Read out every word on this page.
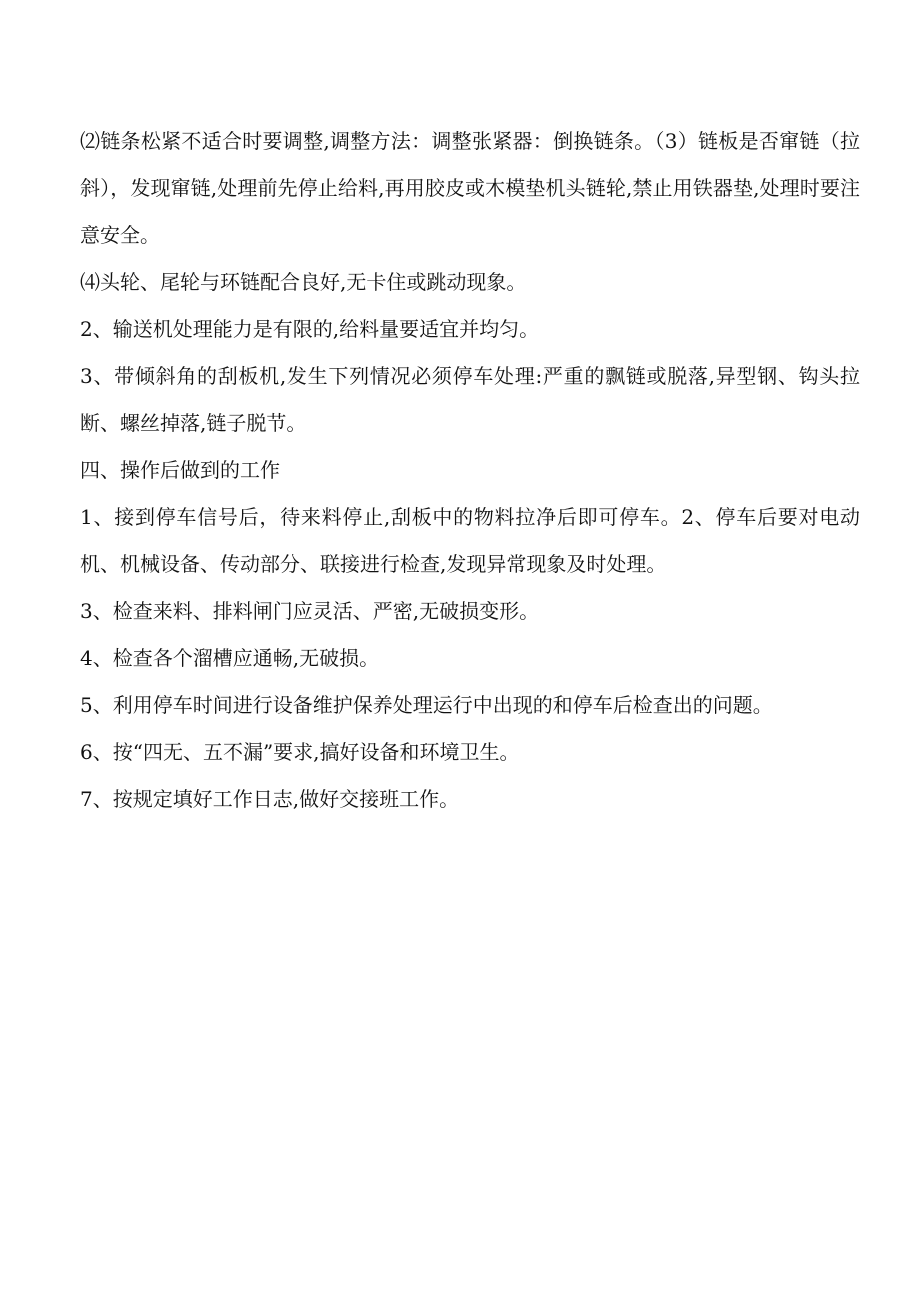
⑵链条松紧不适合时要调整,调整方法：调整张紧器：倒换链条。（3）链板是否窜链（拉斜），发现窜链,处理前先停止给料,再用胶皮或木模垫机头链轮,禁止用铁器垫,处理时要注意安全。

⑷头轮、尾轮与环链配合良好,无卡住或跳动现象。

2、输送机处理能力是有限的,给料量要适宜并均匀。

3、带倾斜角的刮板机,发生下列情况必须停车处理:严重的飘链或脱落,异型钢、钩头拉断、螺丝掉落,链子脱节。

四、操作后做到的工作

1、接到停车信号后，待来料停止,刮板中的物料拉净后即可停车。2、停车后要对电动机、机械设备、传动部分、联接进行检查,发现异常现象及时处理。

3、检查来料、排料闸门应灵活、严密,无破损变形。

4、检查各个溜槽应通畅,无破损。

5、利用停车时间进行设备维护保养处理运行中出现的和停车后检查出的问题。

6、按“四无、五不漏”要求,搞好设备和环境卫生。

7、按规定填好工作日志,做好交接班工作。
